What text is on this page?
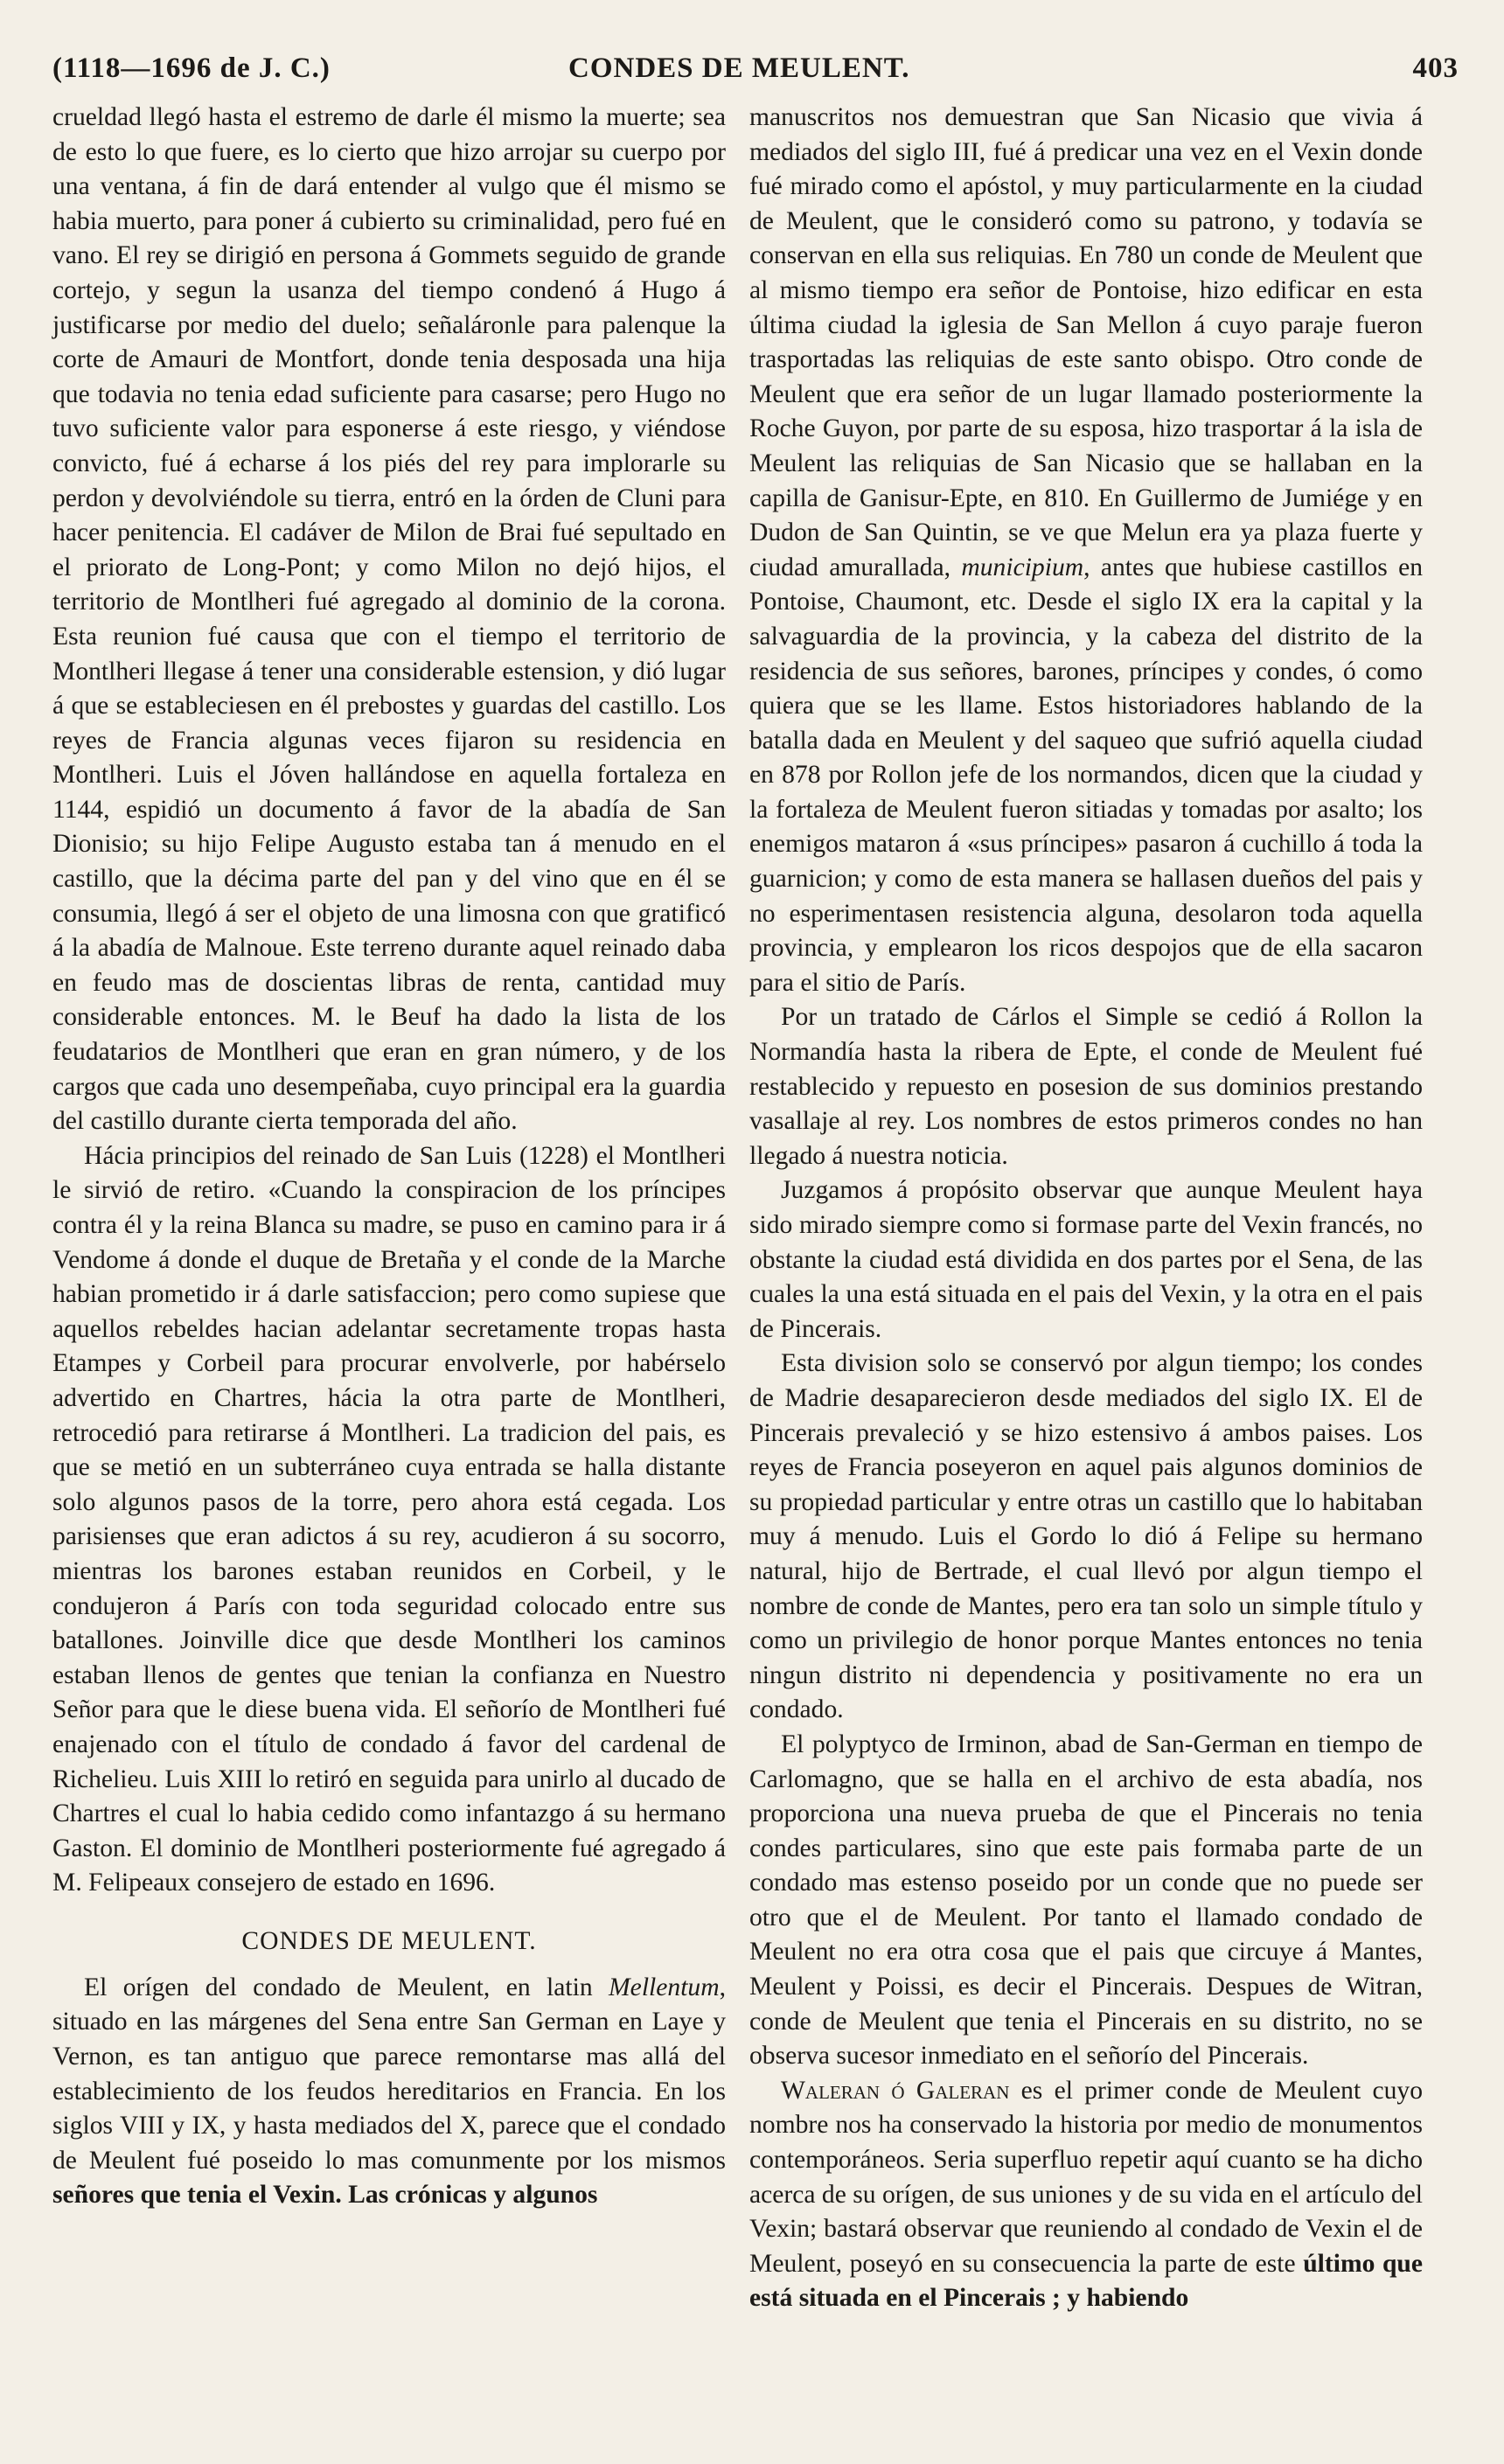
(1118—1696 de J. C.)	CONDES DE MEULENT.	403

crueldad llegó hasta el estremo de darle él mismo la muerte; sea de esto lo que fuere, es lo cierto que hizo arrojar su cuerpo por una ventana, á fin de dará entender al vulgo que él mismo se habia muerto, para poner á cubierto su criminalidad, pero fué en vano. El rey se dirigió en persona á Gommets seguido de grande cortejo, y segun la usanza del tiempo condenó á Hugo á justificarse por medio del duelo; señaláronle para palenque la corte de Amauri de Montfort, donde tenia desposada una hija que todavia no tenia edad suficiente para casarse; pero Hugo no tuvo suficiente valor para esponerse á este riesgo, y viéndose convicto, fué á echarse á los piés del rey para implorarle su perdon y devolviéndole su tierra, entró en la órden de Cluni para hacer penitencia. El cadáver de Milon de Brai fué sepultado en el priorato de Long-Pont; y como Milon no dejó hijos, el territorio de Montlheri fué agregado al dominio de la corona. Esta reunion fué causa que con el tiempo el territorio de Montlheri llegase á tener una considerable estension, y dió lugar á que se estableciesen en él prebostes y guardas del castillo. Los reyes de Francia algunas veces fijaron su residencia en Montlheri. Luis el Jóven hallándose en aquella fortaleza en 1144, espidió un documento á favor de la abadía de San Dionisio; su hijo Felipe Augusto estaba tan á menudo en el castillo, que la décima parte del pan y del vino que en él se consumia, llegó á ser el objeto de una limosna con que gratificó á la abadía de Malnoue. Este terreno durante aquel reinado daba en feudo mas de doscientas libras de renta, cantidad muy considerable entonces. M. le Beuf ha dado la lista de los feudatarios de Montlheri que eran en gran número, y de los cargos que cada uno desempeñaba, cuyo principal era la guardia del castillo durante cierta temporada del año.

Hácia principios del reinado de San Luis (1228) el Montlheri le sirvió de retiro. «Cuando la conspiracion de los príncipes contra él y la reina Blanca su madre, se puso en camino para ir á Vendome á donde el duque de Bretaña y el conde de la Marche habian prometido ir á darle satisfaccion; pero como supiese que aquellos rebeldes hacian adelantar secretamente tropas hasta Etampes y Corbeil para procurar envolverle, por habérselo advertido en Chartres, hácia la otra parte de Montlheri, retrocedió para retirarse á Montlheri. La tradicion del pais, es que se metió en un subterráneo cuya entrada se halla distante solo algunos pasos de la torre, pero ahora está cegada. Los parisienses que eran adictos á su rey, acudieron á su socorro, mientras los barones estaban reunidos en Corbeil, y le condujeron á París con toda seguridad colocado entre sus batallones. Joinville dice que desde Montlheri los caminos estaban llenos de gentes que tenian la confianza en Nuestro Señor para que le diese buena vida. El señorío de Montlheri fué enajenado con el título de condado á favor del cardenal de Richelieu. Luis XIII lo retiró en seguida para unirlo al ducado de Chartres el cual lo habia cedido como infantazgo á su hermano Gaston. El dominio de Montlheri posteriormente fué agregado á M. Felipeaux consejero de estado en 1696.

CONDES DE MEULENT.

El orígen del condado de Meulent, en latin Mellentum, situado en las márgenes del Sena entre San German en Laye y Vernon, es tan antiguo que parece remontarse mas allá del establecimiento de los feudos hereditarios en Francia. En los siglos VIII y IX, y hasta mediados del X, parece que el condado de Meulent fué poseido lo mas comunmente por los mismos señores que tenia el Vexin. Las crónicas y algunos

manuscritos nos demuestran que San Nicasio que vivia á mediados del siglo III, fué á predicar una vez en el Vexin donde fué mirado como el apóstol, y muy particularmente en la ciudad de Meulent, que le consideró como su patrono, y todavía se conservan en ella sus reliquias. En 780 un conde de Meulent que al mismo tiempo era señor de Pontoise, hizo edificar en esta última ciudad la iglesia de San Mellon á cuyo paraje fueron trasportadas las reliquias de este santo obispo. Otro conde de Meulent que era señor de un lugar llamado posteriormente la Roche Guyon, por parte de su esposa, hizo trasportar á la isla de Meulent las reliquias de San Nicasio que se hallaban en la capilla de Ganisur-Epte, en 810. En Guillermo de Jumiége y en Dudon de San Quintin, se ve que Melun era ya plaza fuerte y ciudad amurallada, municipium, antes que hubiese castillos en Pontoise, Chaumont, etc. Desde el siglo IX era la capital y la salvaguardia de la provincia, y la cabeza del distrito de la residencia de sus señores, barones, príncipes y condes, ó como quiera que se les llame. Estos historiadores hablando de la batalla dada en Meulent y del saqueo que sufrió aquella ciudad en 878 por Rollon jefe de los normandos, dicen que la ciudad y la fortaleza de Meulent fueron sitiadas y tomadas por asalto; los enemigos mataron á «sus príncipes» pasaron á cuchillo á toda la guarnicion; y como de esta manera se hallasen dueños del pais y no esperimentasen resistencia alguna, desolaron toda aquella provincia, y emplearon los ricos despojos que de ella sacaron para el sitio de París.

Por un tratado de Cárlos el Simple se cedió á Rollon la Normandía hasta la ribera de Epte, el conde de Meulent fué restablecido y repuesto en posesion de sus dominios prestando vasallaje al rey. Los nombres de estos primeros condes no han llegado á nuestra noticia.

Juzgamos á propósito observar que aunque Meulent haya sido mirado siempre como si formase parte del Vexin francés, no obstante la ciudad está dividida en dos partes por el Sena, de las cuales la una está situada en el pais del Vexin, y la otra en el pais de Pincerais.

Esta division solo se conservó por algun tiempo; los condes de Madrie desaparecieron desde mediados del siglo IX. El de Pincerais prevaleció y se hizo estensivo á ambos paises. Los reyes de Francia poseyeron en aquel pais algunos dominios de su propiedad particular y entre otras un castillo que lo habitaban muy á menudo. Luis el Gordo lo dió á Felipe su hermano natural, hijo de Bertrade, el cual llevó por algun tiempo el nombre de conde de Mantes, pero era tan solo un simple título y como un privilegio de honor porque Mantes entonces no tenia ningun distrito ni dependencia y positivamente no era un condado.

El polyptyco de Irminon, abad de San-German en tiempo de Carlomagno, que se halla en el archivo de esta abadía, nos proporciona una nueva prueba de que el Pincerais no tenia condes particulares, sino que este pais formaba parte de un condado mas estenso poseido por un conde que no puede ser otro que el de Meulent. Por tanto el llamado condado de Meulent no era otra cosa que el pais que circuye á Mantes, Meulent y Poissi, es decir el Pincerais. Despues de Witran, conde de Meulent que tenia el Pincerais en su distrito, no se observa sucesor inmediato en el señorío del Pincerais.

Waleran ó Galeran es el primer conde de Meulent cuyo nombre nos ha conservado la historia por medio de monumentos contemporáneos. Seria superfluo repetir aquí cuanto se ha dicho acerca de su orígen, de sus uniones y de su vida en el artículo del Vexin; bastará observar que reuniendo al condado de Vexin el de Meulent, poseyó en su consecuencia la parte de este último que está situada en el Pincerais ; y habiendo
